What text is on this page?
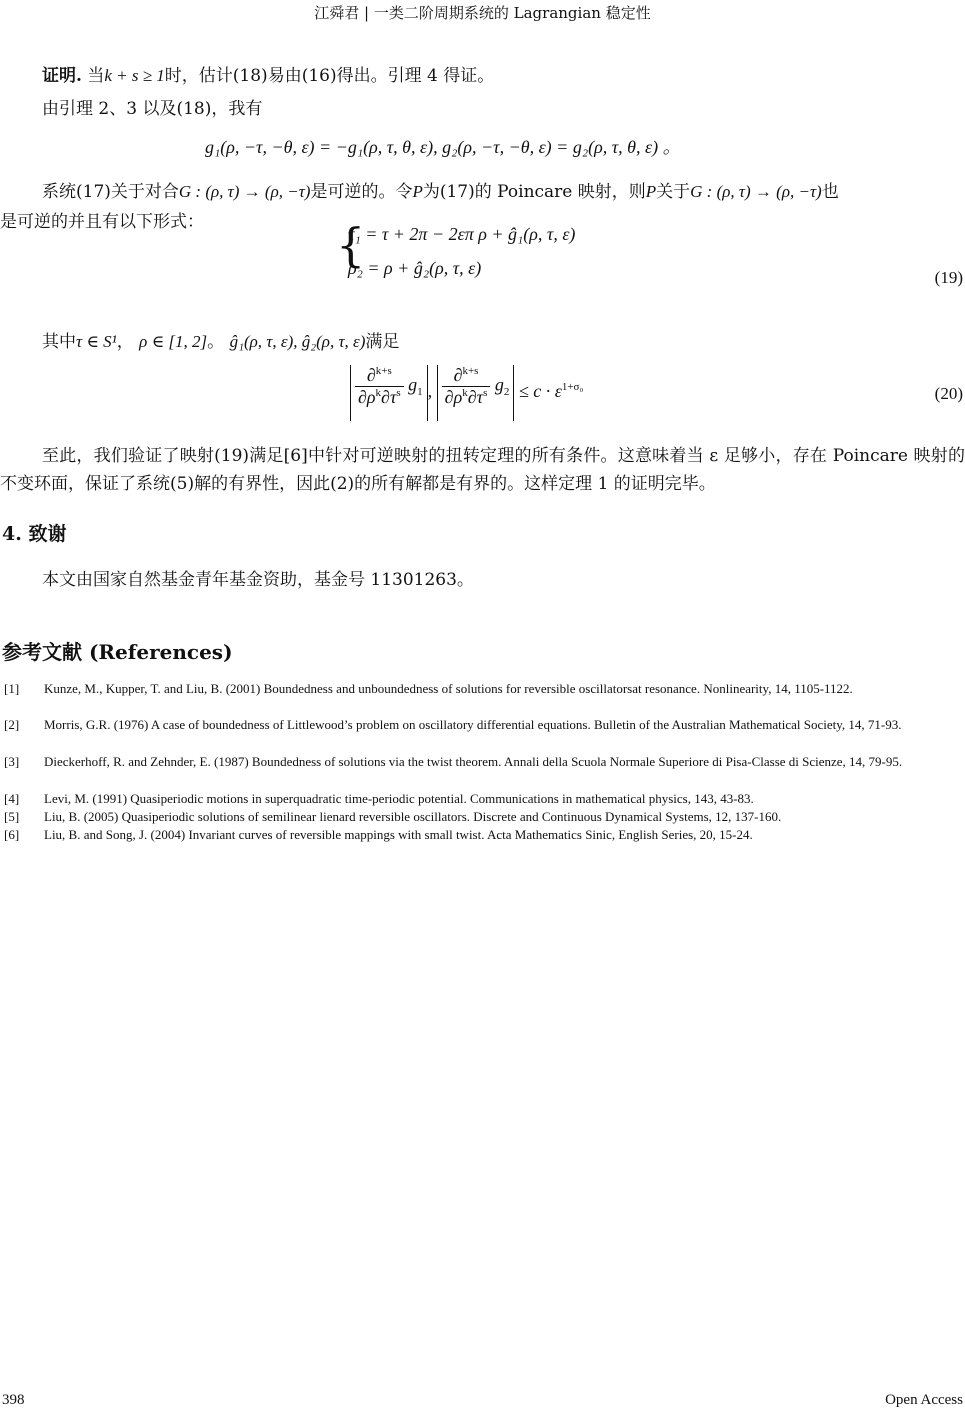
江舜君 | 一类二阶周期系统的 Lagrangian 稳定性
证明. 当k + s ≥ 1时，估计(18)易由(16)得出。引理 4 得证。
由引理 2、3 以及(18)，我有
g₁(ρ, −τ, −θ, ε) = −g₁(ρ, τ, θ, ε), g₂(ρ, −τ, −θ, ε) = g₂(ρ, τ, θ, ε) 。
系统(17)关于对合G : (ρ, τ) → (ρ, −τ)是可逆的。令P为(17)的 Poincare 映射，则P关于G : (ρ, τ) → (ρ, −τ)也
是可逆的并且有以下形式：	{
τ₁ = τ + 2π − 2επ ρ + ĝ₁(ρ, τ, ε)
ρ₂ = ρ + ĝ₂(ρ, τ, ε)	(19)
其中τ ∈ S¹， ρ ∈ [1, 2]。 ĝ₁(ρ, τ, ε), ĝ₂(ρ, τ, ε)满足
$\frac{\partial^{k+s}}{\partial\rho^k\partial\tau^s} g_1$ , $\frac{\partial^{k+s}}{\partial\rho^k\partial\tau^s} g_2 \le c \cdot \varepsilon^{1+\sigma_0}$	(20)
至此，我们验证了映射(19)满足[6]中针对可逆映射的扭转定理的所有条件。这意味着当 ε 足够小，存在 Poincare 映射的不变环面，保证了系统(5)解的有界性，因此(2)的所有解都是有界的。这样定理 1 的证明完毕。
4. 致谢
本文由国家自然基金青年基金资助，基金号 11301263。
参考文献 (References)
[1] Kunze, M., Kupper, T. and Liu, B. (2001) Boundedness and unboundedness of solutions for reversible oscillatorsat resonance. Nonlinearity, 14, 1105-1122.
[2] Morris, G.R. (1976) A case of boundedness of Littlewood’s problem on oscillatory differential equations. Bulletin of the Australian Mathematical Society, 14, 71-93.
[3] Dieckerhoff, R. and Zehnder, E. (1987) Boundedness of solutions via the twist theorem. Annali della Scuola Normale Superiore di Pisa-Classe di Scienze, 14, 79-95.
[4] Levi, M. (1991) Quasiperiodic motions in superquadratic time-periodic potential. Communications in mathematical physics, 143, 43-83.
[5] Liu, B. (2005) Quasiperiodic solutions of semilinear lienard reversible oscillators. Discrete and Continuous Dynamical Systems, 12, 137-160.
[6] Liu, B. and Song, J. (2004) Invariant curves of reversible mappings with small twist. Acta Mathematics Sinic, English Series, 20, 15-24.
398	Open Access
